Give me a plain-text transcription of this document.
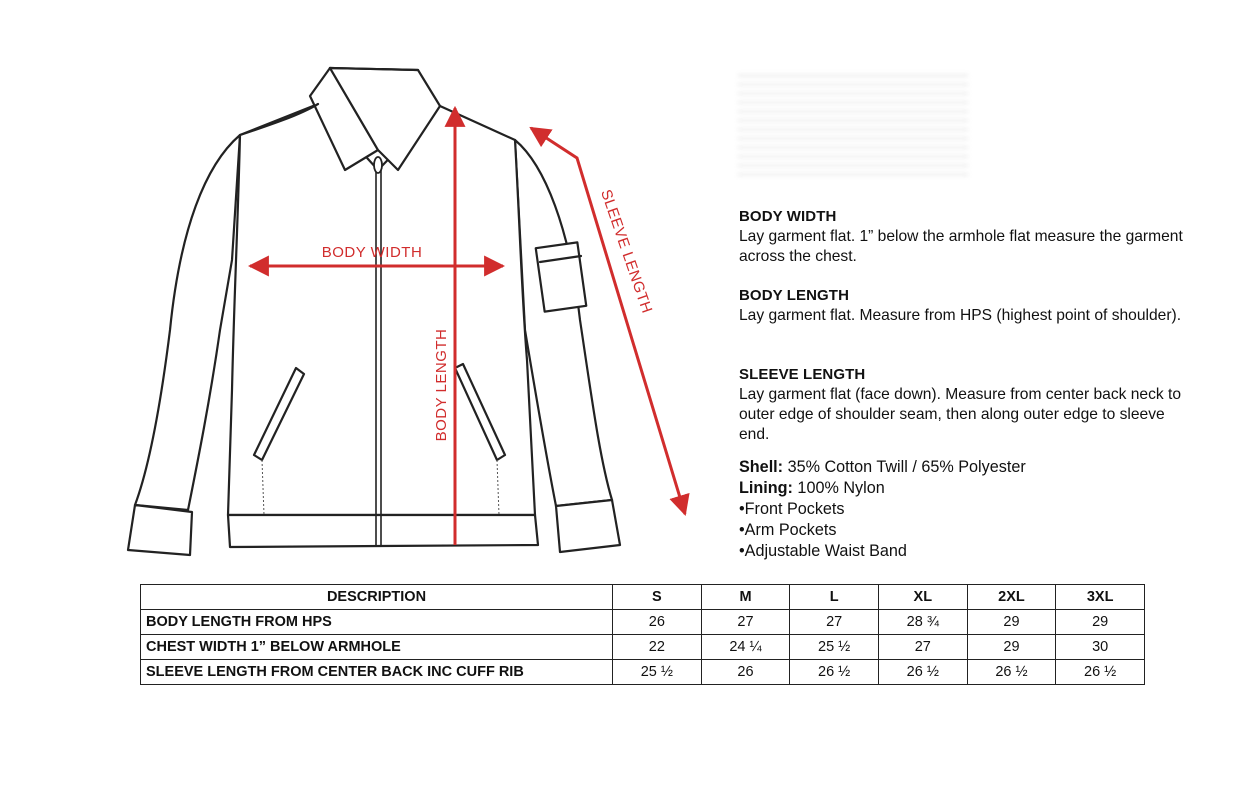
BODY WIDTH
BODY LENGTH
SLEEVE LENGTH	BODY WIDTH

Lay garment flat. 1” below the armhole flat measure the garment across the chest.

BODY LENGTH

Lay garment flat. Measure from HPS (highest point of shoulder).

SLEEVE LENGTH

Lay garment flat (face down). Measure from center back neck to outer edge of shoulder seam, then along outer edge to sleeve end.

Shell: 35% Cotton Twill / 65% Polyester
Lining: 100% Nylon
•Front Pockets
•Arm Pockets
•Adjustable Waist Band
DESCRIPTION	S	M	L	XL	2XL	3XL
BODY LENGTH FROM HPS	26	27	27	28 ¾	29	29
CHEST WIDTH 1” BELOW ARMHOLE	22	24 ¼	25 ½	27	29	30
SLEEVE LENGTH FROM CENTER BACK INC CUFF RIB	25 ½	26	26 ½	26 ½	26 ½	26 ½
